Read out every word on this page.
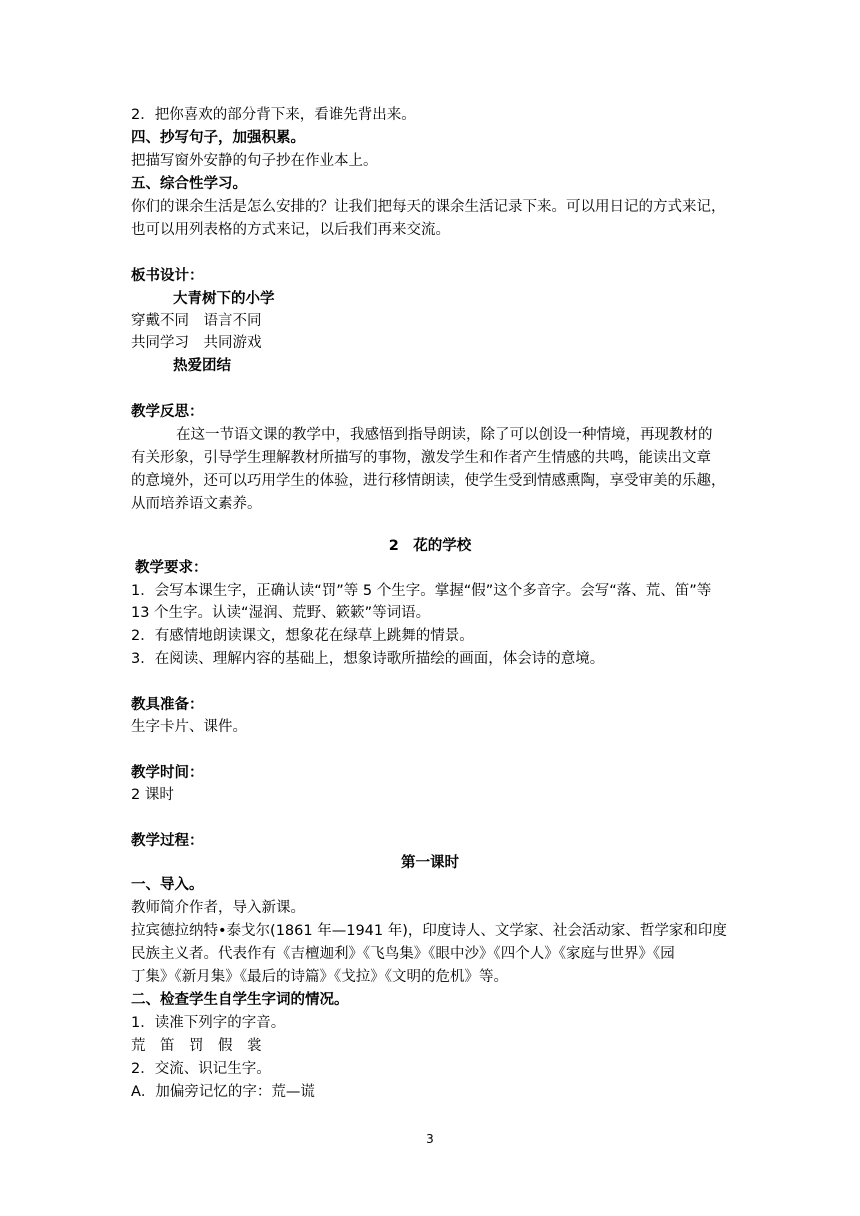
2．把你喜欢的部分背下来，看谁先背出来。
四、抄写句子，加强积累。
把描写窗外安静的句子抄在作业本上。
五、综合性学习。
你们的课余生活是怎么安排的？让我们把每天的课余生活记录下来。可以用日记的方式来记，
也可以用列表格的方式来记，以后我们再来交流。
板书设计：
大青树下的小学
穿戴不同　语言不同
共同学习　共同游戏
热爱团结
教学反思：
在这一节语文课的教学中，我感悟到指导朗读，除了可以创设一种情境，再现教材的
有关形象，引导学生理解教材所描写的事物，激发学生和作者产生情感的共鸣，能读出文章
的意境外，还可以巧用学生的体验，进行移情朗读，使学生受到情感熏陶，享受审美的乐趣，
从而培养语文素养。
2　花的学校
教学要求：
1．会写本课生字，正确认读“罚”等 5 个生字。掌握“假”这个多音字。会写“落、荒、笛”等
13 个生字。认读“湿润、荒野、簌簌”等词语。
2．有感情地朗读课文，想象花在绿草上跳舞的情景。
3．在阅读、理解内容的基础上，想象诗歌所描绘的画面，体会诗的意境。
教具准备：
生字卡片、课件。
教学时间：
2 课时
教学过程：
第一课时
一、导入。
教师简介作者，导入新课。
拉宾德拉纳特•泰戈尔(1861 年—1941 年)，印度诗人、文学家、社会活动家、哲学家和印度
民族主义者。代表作有《吉檀迦利》《飞鸟集》《眼中沙》《四个人》《家庭与世界》《园
丁集》《新月集》《最后的诗篇》《戈拉》《文明的危机》等。
二、检查学生自学生字词的情况。
1．读准下列字的字音。
荒　笛　罚　假　裳
2．交流、识记生字。
A．加偏旁记忆的字：荒—谎
3
